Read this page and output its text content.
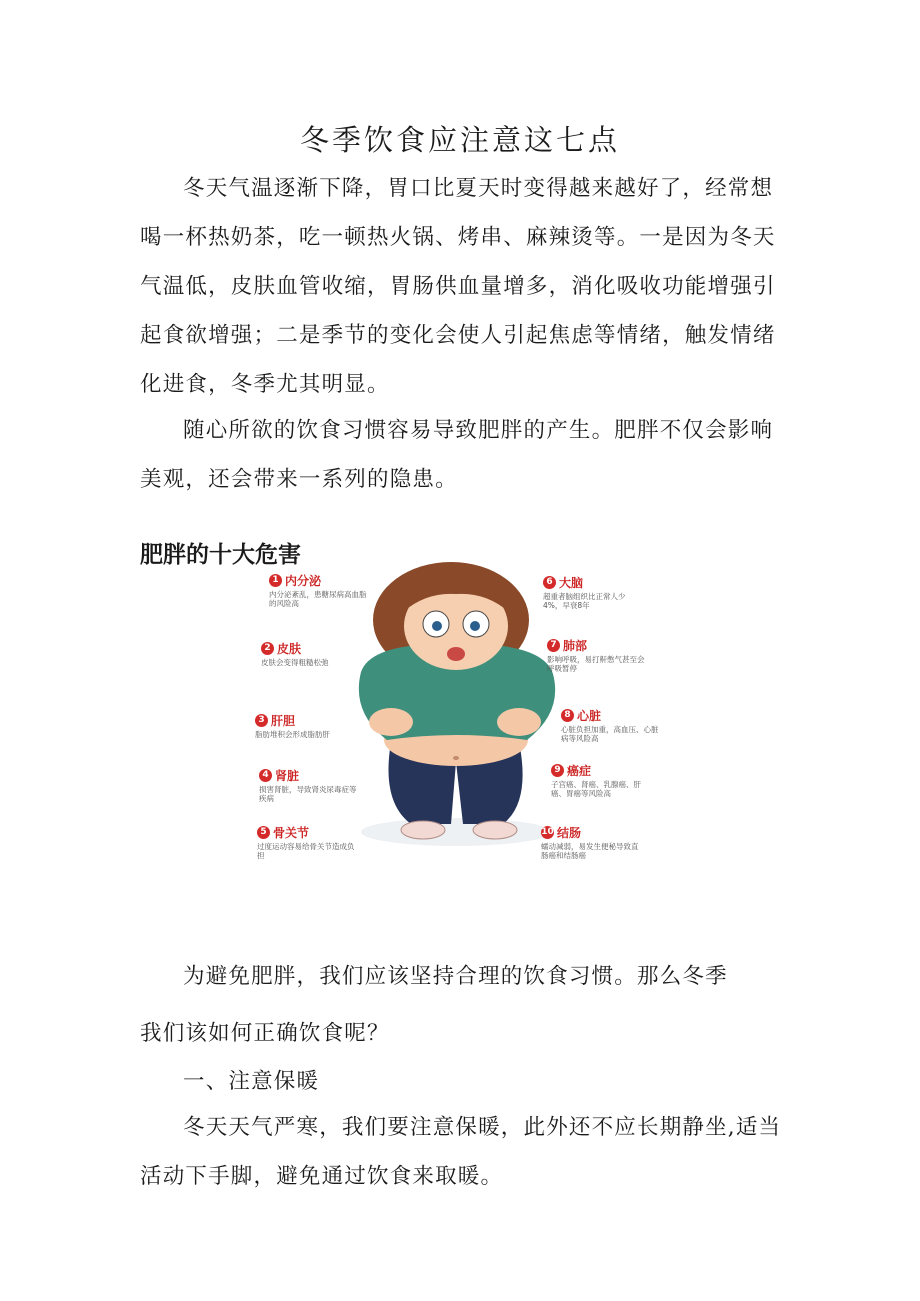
冬季饮食应注意这七点

冬天气温逐渐下降，胃口比夏天时变得越来越好了，经常想喝一杯热奶茶，吃一顿热火锅、烤串、麻辣烫等。一是因为冬天气温低，皮肤血管收缩，胃肠供血量增多，消化吸收功能增强引起食欲增强；二是季节的变化会使人引起焦虑等情绪，触发情绪化进食，冬季尤其明显。

随心所欲的饮食习惯容易导致肥胖的产生。肥胖不仅会影响美观，还会带来一系列的隐患。

肥胖的十大危害
1 内分泌
内分泌紊乱，患糖尿病高血脂的风险高
2 皮肤
皮肤会变得粗糙松弛
3 肝胆
脂肪堆积会形成脂肪肝
4 肾脏
损害肾脏，导致肾炎尿毒症等疾病
5 骨关节
过度运动容易给骨关节造成负担
6 大脑
超重者脑组织比正常人少4%，早衰8年
7 肺部
影响呼吸，易打鼾憋气甚至会呼吸暂停
8 心脏
心脏负担加重，高血压、心脏病等风险高
9 癌症
子宫癌、肾癌、乳腺癌、肝癌、胃癌等风险高
10 结肠
蠕动减弱，易发生便秘导致直肠癌和结肠癌

为避免肥胖，我们应该坚持合理的饮食习惯。那么冬季
我们该如何正确饮食呢？

一、注意保暖

冬天天气严寒，我们要注意保暖，此外还不应长期静坐,适当活动下手脚，避免通过饮食来取暖。
